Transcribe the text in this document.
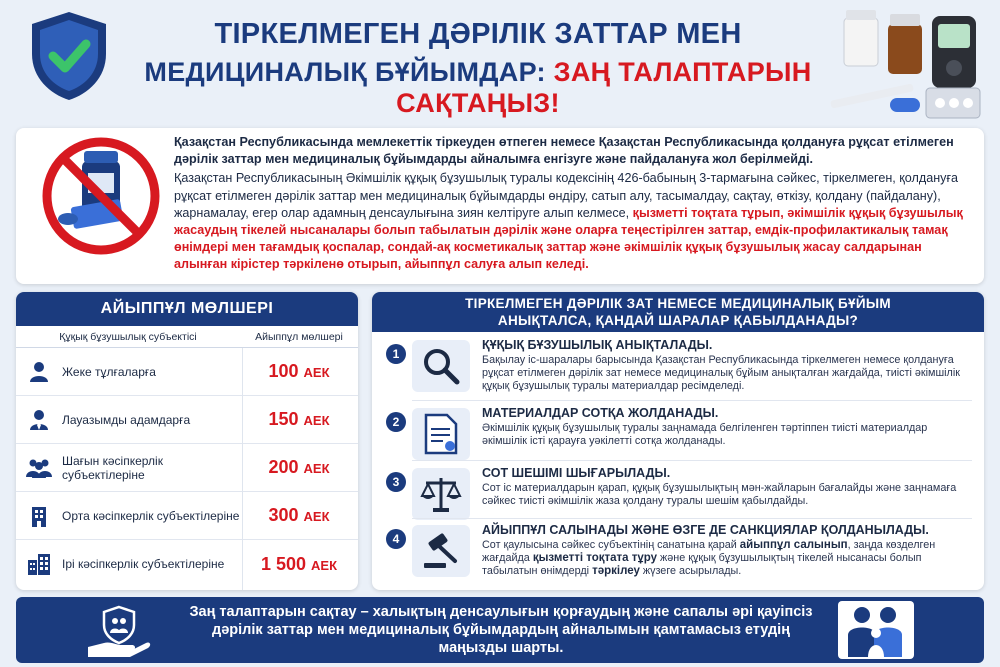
ТІРКЕЛМЕГЕН ДӘРІЛІК ЗАТТАР МЕН
МЕДИЦИНАЛЫҚ БҰЙЫМДАР: ЗАҢ ТАЛАПТАРЫН САҚТАҢЫЗ!
Қазақстан Республикасында мемлекеттік тіркеуден өтпеген немесе Қазақстан Республикасында қолдануға рұқсат етілмеген дәрілік заттар мен медициналық бұйымдарды айналымға енгізуге және пайдалануға жол берілмейді.
Қазақстан Республикасының Әкімшілік құқық бұзушылық туралы кодексінің 426-бабының 3-тармағына сәйкес, тіркелмеген, қолдануға рұқсат етілмеген дәрілік заттар мен медициналық бұйымдарды өндіру, сатып алу, тасымалдау, сақтау, өткізу, қолдану (пайдалану), жарнамалау, егер олар адамның денсаулығына зиян келтіруге алып келмесе, қызметті тоқтата тұрып, әкімшілік құқық бұзушылық жасаудың тікелей нысаналары болып табылатын дәрілік және оларға теңестірілген заттар, емдік-профилактикалық тамақ өнімдері мен тағамдық қоспалар, сондай-ақ косметикалық заттар және әкімшілік құқық бұзушылық жасау салдарынан алынған кірістер тәркіленө отырып, айыппұл салуға алып келеді.
АЙЫППҰЛ МӨЛШЕРІ
Құқық бұзушылық субъектісі	Айыппұл мөлшері
Жеке тұлғаларға	100 АЕК
Лауазымды адамдарға	150 АЕК
Шағын кәсіпкерлік субъектілеріне	200 АЕК
Орта кәсіпкерлік субъектілеріне	300 АЕК
Ірі кәсіпкерлік субъектілеріне	1 500 АЕК
ТІРКЕЛМЕГЕН ДӘРІЛІК ЗАТ НЕМЕСЕ МЕДИЦИНАЛЫҚ БҰЙЫМ
АНЫҚТАЛСА, ҚАНДАЙ ШАРАЛАР ҚАБЫЛДАНАДЫ?
1
ҚҰҚЫҚ БҰЗУШЫЛЫҚ АНЫҚТАЛАДЫ.
Бақылау іс-шаралары барысында Қазақстан Республикасында тіркелмеген немесе қолдануға рұқсат етілмеген дәрілік зат немесе медициналық бұйым анықталған жағдайда, тиісті әкімшілік құқық бұзушылық туралы материалдар ресімделеді.
2
МАТЕРИАЛДАР СОТҚА ЖОЛДАНАДЫ.
Әкімшілік құқық бұзушылық туралы заңнамада белгіленген тәртіппен тиісті материалдар әкімшілік істі қарауға уәкілетті сотқа жолданады.
3
СОТ ШЕШІМІ ШЫҒАРЫЛАДЫ.
Сот іс материалдарын қарап, құқық бұзушылықтың мән-жайларын бағалайды және заңнамаға сәйкес тиісті әкімшілік жаза қолдану туралы шешім қабылдайды.
4
АЙЫППҰЛ САЛЫНАДЫ ЖӘНЕ ӨЗГЕ ДЕ САНКЦИЯЛАР ҚОЛДАНЫЛАДЫ.
Сот қаулысына сәйкес субъектінің санатына қарай айыппұл салынып, заңда көзделген жағдайда қызметті тоқтата тұру және құқық бұзушылықтың тікелей нысанасы болып табылатын өнімдерді тәркілеу жүзеге асырылады.
Заң талаптарын сақтау – халықтың денсаулығын қорғаудың және сапалы әрі қауіпсіз дәрілік заттар мен медициналық бұйымдардың айналымын қамтамасыз етудің маңызды шарты.
